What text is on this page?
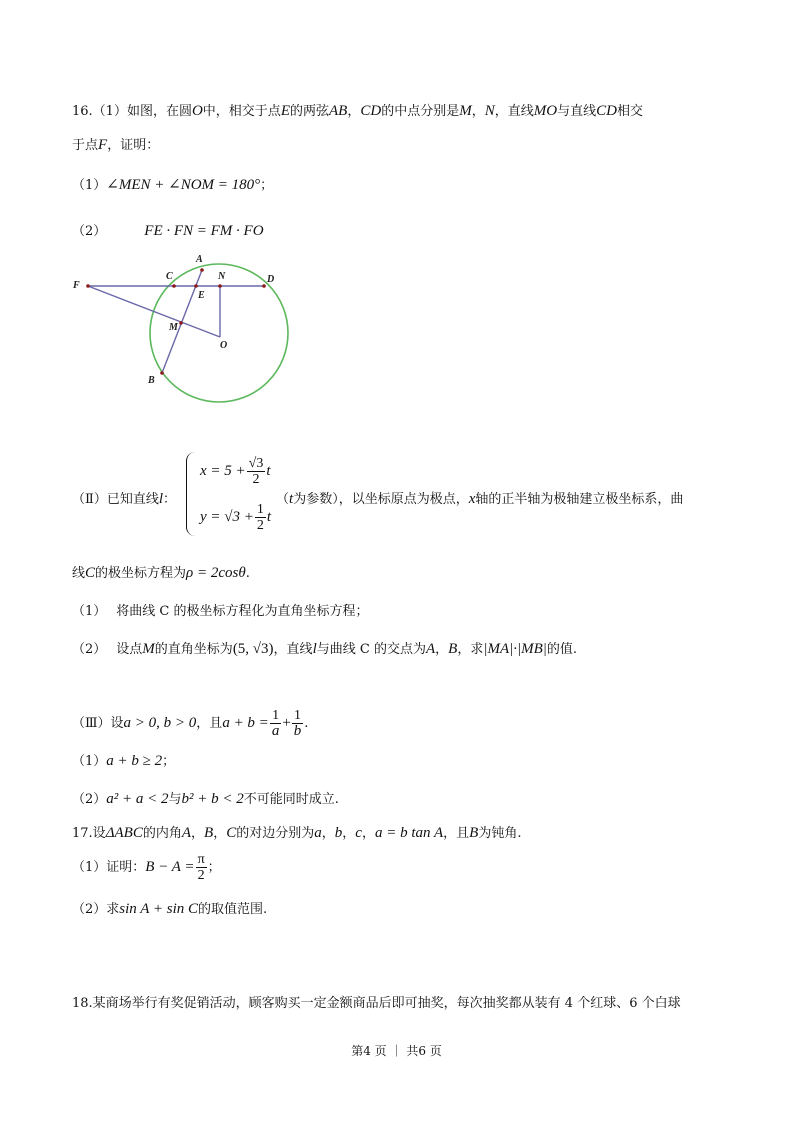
16.（1）如图，在圆O中，相交于点E的两弦AB，CD的中点分别是M，N，直线MO与直线CD相交
于点F，证明：
（1）∠MEN + ∠NOM = 180°；
（2）	FE · FN = FM · FO
A
C	N	D
F
E
M
O
B
（Ⅱ）已知直线l：
$x = 5 + \frac{√3}{2}$ t
$y = √3 + \frac{1}{2}$ t
（t为参数），以坐标原点为极点，x轴的正半轴为极轴建立极坐标系，曲
线C的极坐标方程为ρ = 2cosθ.
（1） 将曲线 C 的极坐标方程化为直角坐标方程；
（2） 设点M的直角坐标为(5, √3)，直线l与曲线 C 的交点为A，B，求|MA|·|MB|的值.
（Ⅲ）设a > 0, b > 0，且$a + b = \frac{1}{a} + \frac{1}{b}$ .
（1）a + b ≥ 2；
（2）a² + a < 2与b² + b < 2不可能同时成立.
17.设ΔABC的内角A，B，C的对边分别为a，b，c，a = b tan A，且B为钝角.
（1）证明：$B - A = \frac{\pi}{2}$ ；
（2）求sin A + sin C的取值范围.
18.某商场举行有奖促销活动，顾客购买一定金额商品后即可抽奖，每次抽奖都从装有 4 个红球、6 个白球
第4 页 ｜ 共6 页
